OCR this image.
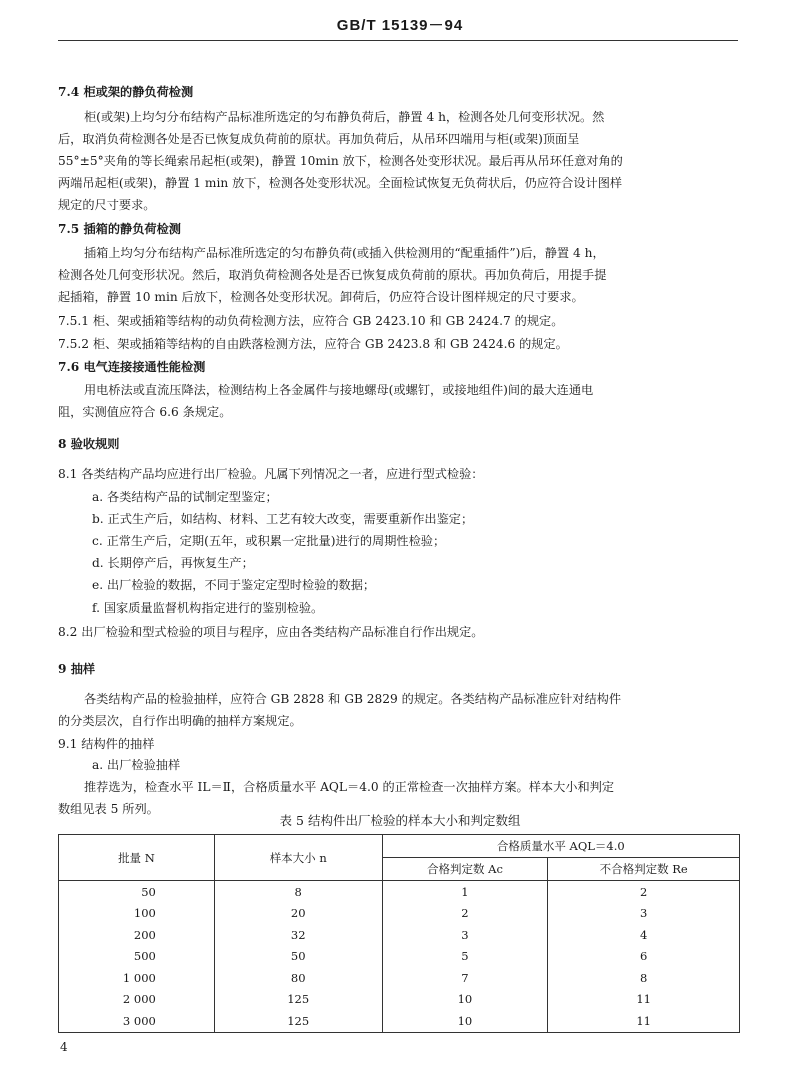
GB/T 15139－94
7.4 柜或架的静负荷检测
柜(或架)上均匀分布结构产品标准所选定的匀布静负荷后，静置 4 h，检测各处几何变形状况。然
后，取消负荷检测各处是否已恢复成负荷前的原状。再加负荷后，从吊环四端用与柜(或架)顶面呈
55°±5°夹角的等长绳索吊起柜(或架)，静置 10min 放下，检测各处变形状况。最后再从吊环任意对角的
两端吊起柜(或架)，静置 1 min 放下，检测各处变形状况。全面检试恢复无负荷状后，仍应符合设计图样
规定的尺寸要求。
7.5 插箱的静负荷检测
插箱上均匀分布结构产品标准所选定的匀布静负荷(或插入供检测用的“配重插件”)后，静置 4 h，
检测各处几何变形状况。然后，取消负荷检测各处是否已恢复成负荷前的原状。再加负荷后，用提手提
起插箱，静置 10 min 后放下，检测各处变形状况。卸荷后，仍应符合设计图样规定的尺寸要求。
7.5.1 柜、架或插箱等结构的动负荷检测方法，应符合 GB 2423.10 和 GB 2424.7 的规定。
7.5.2 柜、架或插箱等结构的自由跌落检测方法，应符合 GB 2423.8 和 GB 2424.6 的规定。
7.6 电气连接接通性能检测
用电桥法或直流压降法，检测结构上各金属件与接地螺母(或螺钉，或接地组件)间的最大连通电
阻，实测值应符合 6.6 条规定。
8 验收规则
8.1 各类结构产品均应进行出厂检验。凡属下列情况之一者，应进行型式检验：
a. 各类结构产品的试制定型鉴定；
b. 正式生产后，如结构、材料、工艺有较大改变，需要重新作出鉴定；
c. 正常生产后，定期(五年，或积累一定批量)进行的周期性检验；
d. 长期停产后，再恢复生产；
e. 出厂检验的数据，不同于鉴定定型时检验的数据；
f. 国家质量监督机构指定进行的鉴别检验。
8.2 出厂检验和型式检验的项目与程序，应由各类结构产品标准自行作出规定。
9 抽样
各类结构产品的检验抽样，应符合 GB 2828 和 GB 2829 的规定。各类结构产品标准应针对结构件
的分类层次，自行作出明确的抽样方案规定。
9.1 结构件的抽样
a. 出厂检验抽样
推荐选为，检查水平 IL＝Ⅱ，合格质量水平 AQL＝4.0 的正常检查一次抽样方案。样本大小和判定
数组见表 5 所列。
表 5 结构件出厂检验的样本大小和判定数组
批量 N	样本大小 n	合格质量水平 AQL＝4.0	
		合格判定数 Ac	不合格判定数 Re
50	8	1	2
100	20	2	3
200	32	3	4
500	50	5	6
1 000	80	7	8
2 000	125	10	11
3 000	125	10	11
4
